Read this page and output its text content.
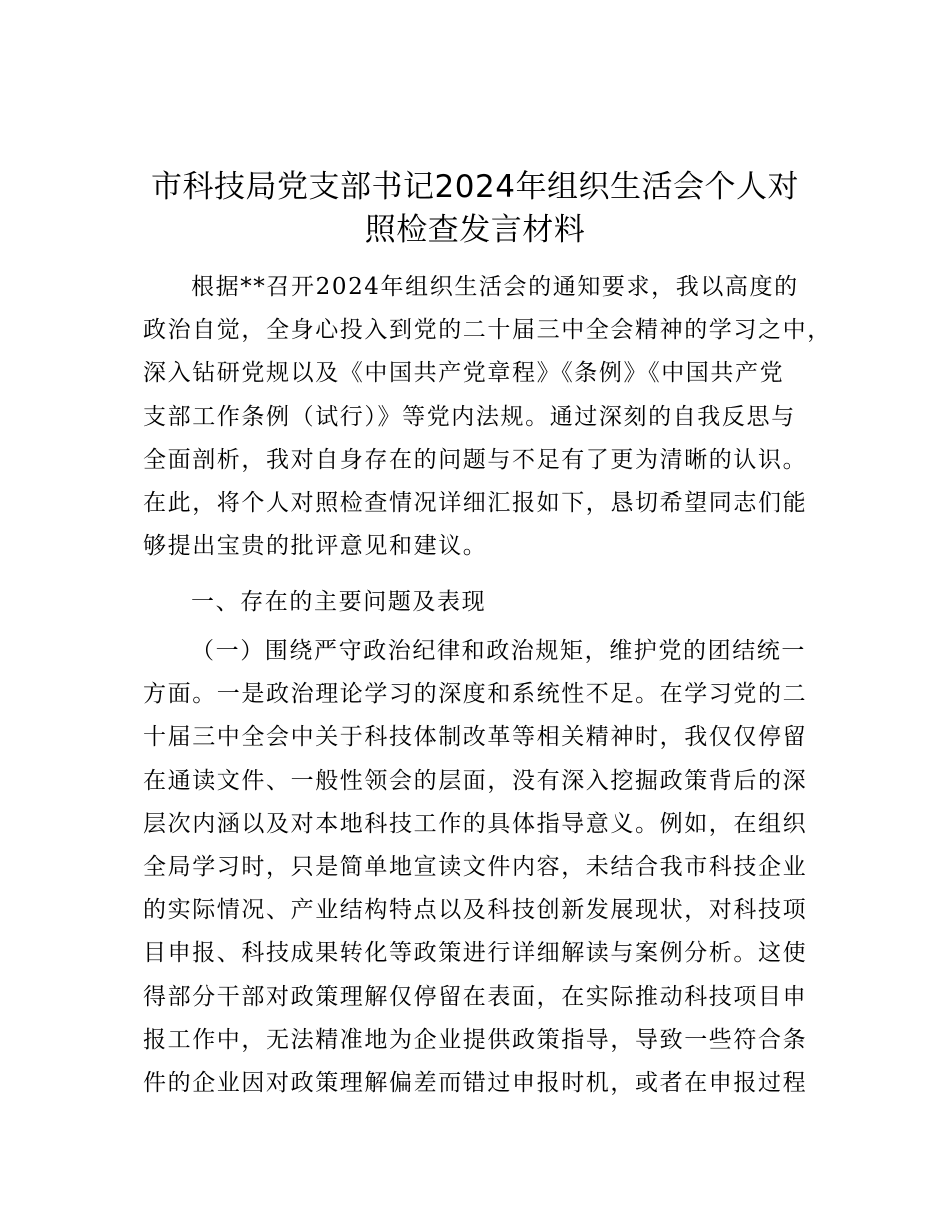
市科技局党支部书记2024年组织生活会个人对
照检查发言材料
根据**召开2024年组织生活会的通知要求，我以高度的
政治自觉，全身心投入到党的二十届三中全会精神的学习之中，
深入钻研党规以及《中国共产党章程》《条例》《中国共产党
支部工作条例（试行）》等党内法规。通过深刻的自我反思与
全面剖析，我对自身存在的问题与不足有了更为清晰的认识。
在此，将个人对照检查情况详细汇报如下，恳切希望同志们能
够提出宝贵的批评意见和建议。
一、存在的主要问题及表现
（一）围绕严守政治纪律和政治规矩，维护党的团结统一
方面。一是政治理论学习的深度和系统性不足。在学习党的二
十届三中全会中关于科技体制改革等相关精神时，我仅仅停留
在通读文件、一般性领会的层面，没有深入挖掘政策背后的深
层次内涵以及对本地科技工作的具体指导意义。例如，在组织
全局学习时，只是简单地宣读文件内容，未结合我市科技企业
的实际情况、产业结构特点以及科技创新发展现状，对科技项
目申报、科技成果转化等政策进行详细解读与案例分析。这使
得部分干部对政策理解仅停留在表面，在实际推动科技项目申
报工作中，无法精准地为企业提供政策指导，导致一些符合条
件的企业因对政策理解偏差而错过申报时机，或者在申报过程
